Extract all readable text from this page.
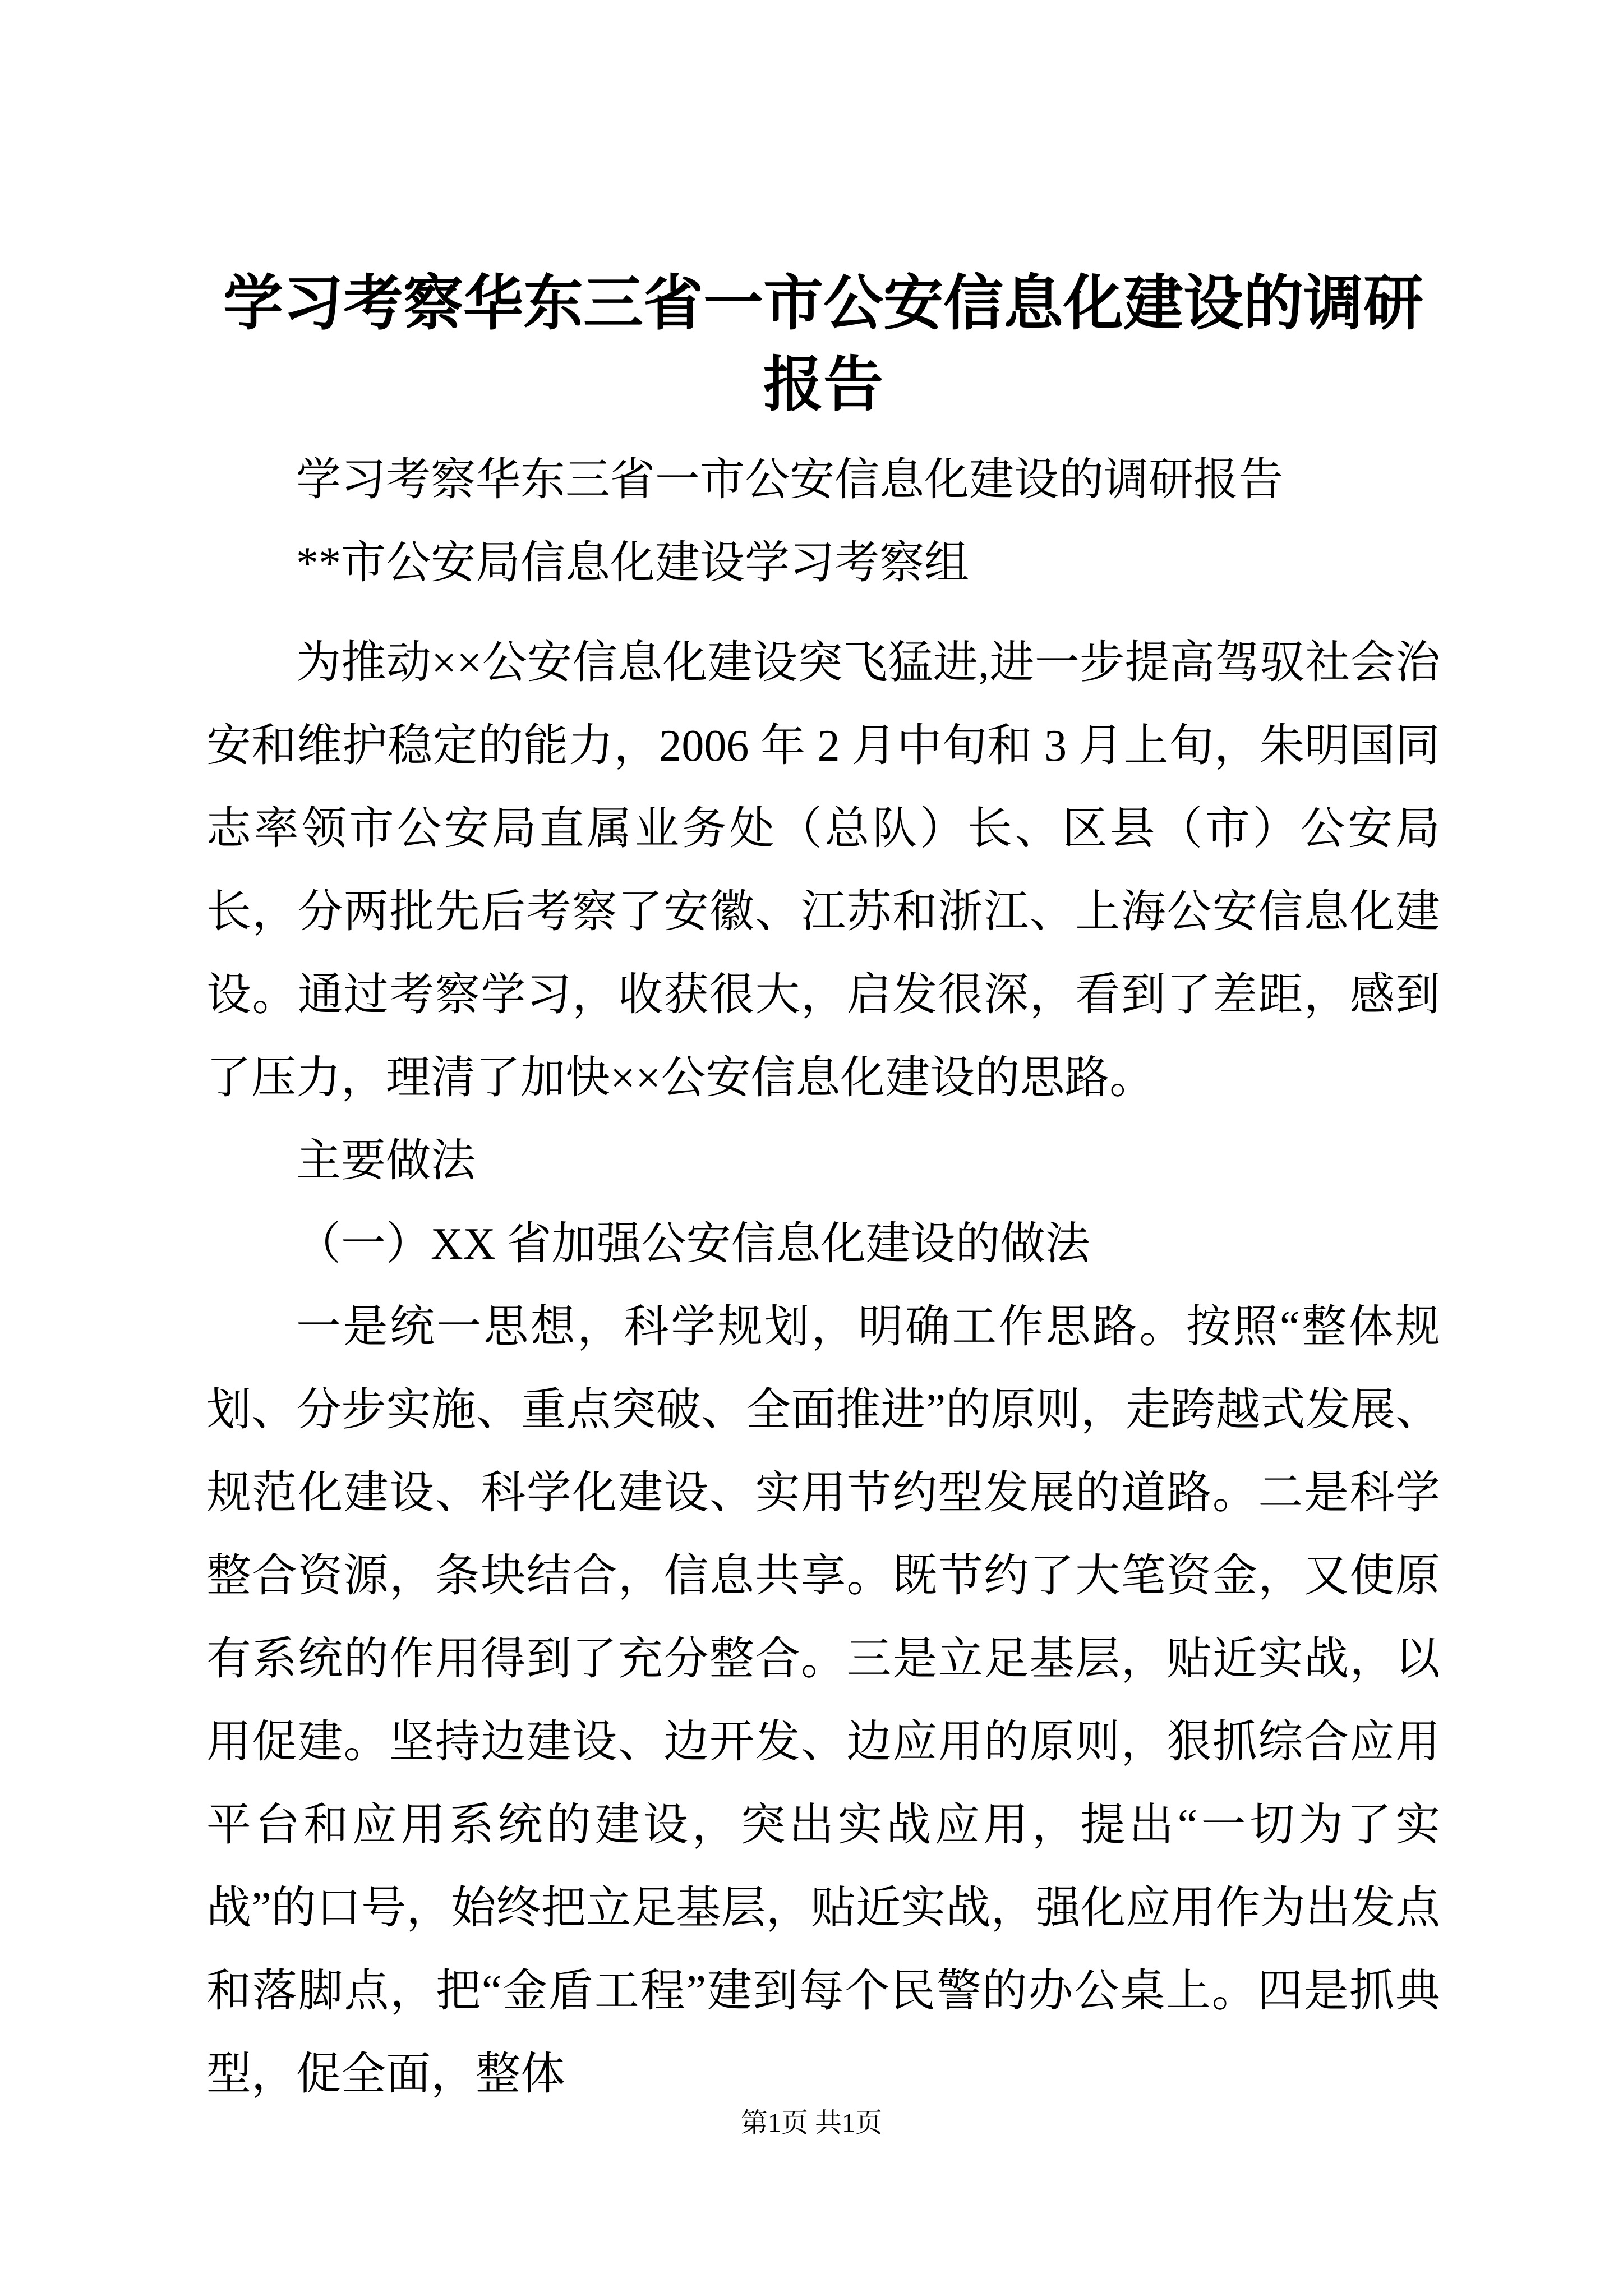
学习考察华东三省一市公安信息化建设的调研报告

学习考察华东三省一市公安信息化建设的调研报告

**市公安局信息化建设学习考察组

为推动××公安信息化建设突飞猛进,进一步提高驾驭社会治安和维护稳定的能力，2006 年 2 月中旬和 3 月上旬，朱明国同志率领市公安局直属业务处（总队）长、区县（市）公安局长，分两批先后考察了安徽、江苏和浙江、上海公安信息化建设。通过考察学习，收获很大，启发很深，看到了差距，感到了压力，理清了加快××公安信息化建设的思路。

主要做法

（一）XX 省加强公安信息化建设的做法

一是统一思想，科学规划，明确工作思路。按照“整体规划、分步实施、重点突破、全面推进”的原则，走跨越式发展、规范化建设、科学化建设、实用节约型发展的道路。二是科学整合资源，条块结合，信息共享。既节约了大笔资金，又使原有系统的作用得到了充分整合。三是立足基层，贴近实战，以用促建。坚持边建设、边开发、边应用的原则，狠抓综合应用平台和应用系统的建设，突出实战应用，提出“一切为了实战”的口号，始终把立足基层，贴近实战，强化应用作为出发点和落脚点，把“金盾工程”建到每个民警的办公桌上。四是抓典型，促全面，整体

第1页 共1页
